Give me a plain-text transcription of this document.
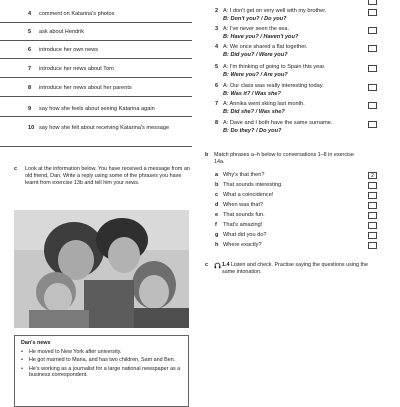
4 comment on Katarina's photos
5 ask about Hendrik
6 introduce her own news
7 introduce her news about Tom
8 introduce her news about her parents
9 say how she feels about seeing Katarina again
10 say how she felt about receiving Katarina's message
c Look at the information below. You have received a message from an old friend, Dan. Write a reply using some of the phrases you have learnt from exercise 13b and tell him your news.
Dan's news
• He moved to New York after university.
• He got married to Maria, and has two children, Sam and Ben.
• He's working as a journalist for a large national newspaper as a business correspondent.
2 A: I don't get on very well with my brother.
B: Don't you? / Do you?
3 A: I've never seen the sea.
B: Have you? / Haven't you?
4 A: We once shared a flat together.
B: Did you? / Were you?
5 A: I'm thinking of going to Spain this year.
B: Were you? / Are you?
6 A: Our class was really interesting today.
B: Was it? / Was she?
7 A: Annika went skiing last month.
B: Did she? / Was she?
8 A: Dave and I both have the same surname.
B: Do they? / Do you?
b Match phrases a–h below to conversations 1–8 in exercise 14a.
a Why's that then?	2
b That sounds interesting.
c What a coincidence!
d When was that?
e That sounds fun.
f That's amazing!
g What did you do?
h Where exactly?
c	1.4 Listen and check. Practise saying the questions using the same intonation.
